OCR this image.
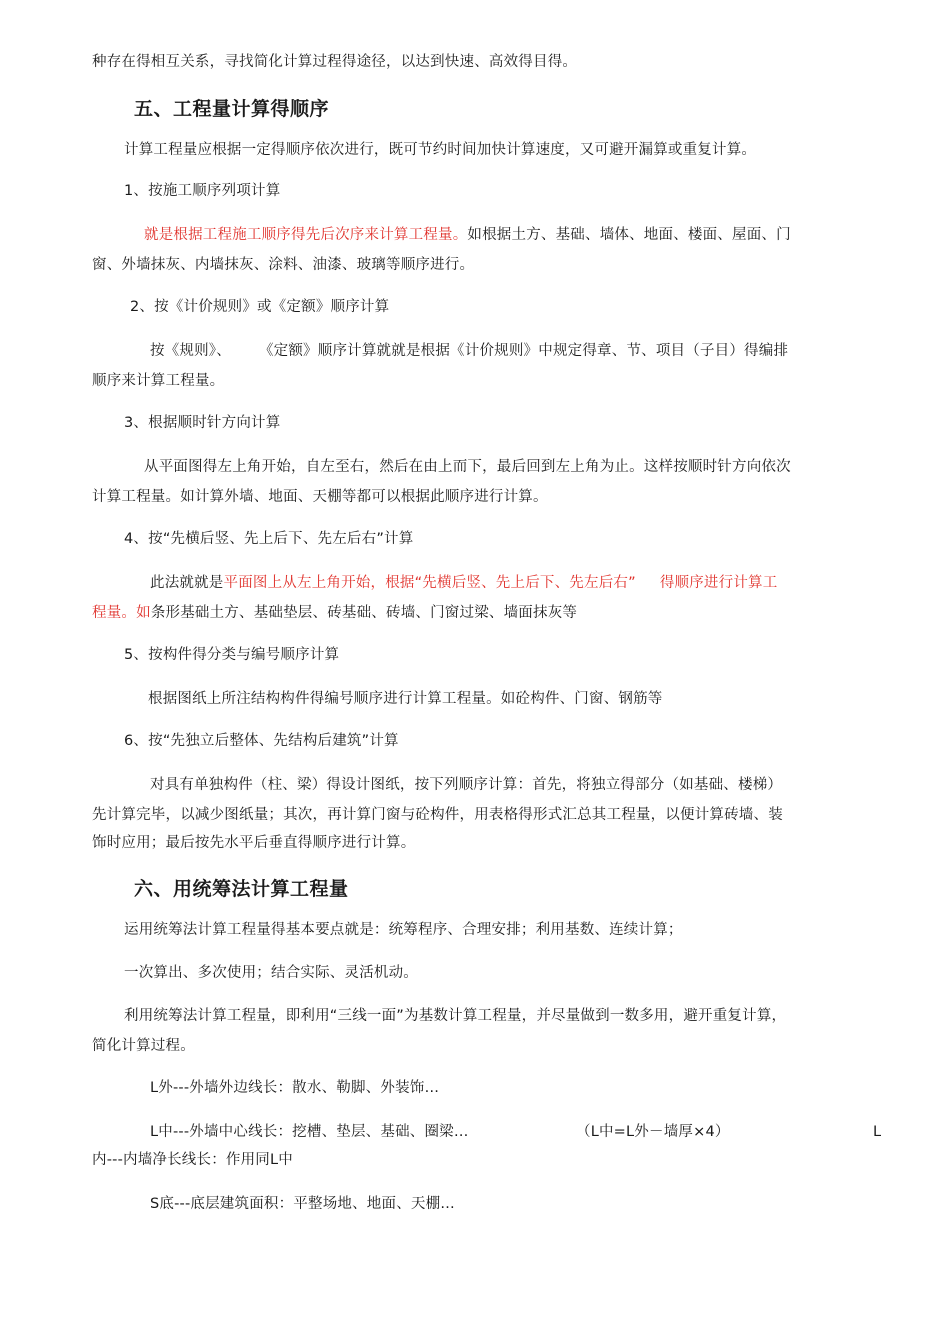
种存在得相互关系，寻找简化计算过程得途径，以达到快速、高效得目得。
五、工程量计算得顺序
计算工程量应根据一定得顺序依次进行，既可节约时间加快计算速度，又可避开漏算或重复计算。
1、按施工顺序列项计算
就是根据工程施工顺序得先后次序来计算工程量。如根据土方、基础、墙体、地面、楼面、屋面、门
窗、外墙抹灰、内墙抹灰、涂料、油漆、玻璃等顺序进行。
2、按《计价规则》或《定额》顺序计算
按《规则》、 《定额》顺序计算就就是根据《计价规则》中规定得章、节、项目（子目）得编排
顺序来计算工程量。
3、根据顺时针方向计算
从平面图得左上角开始，自左至右，然后在由上而下，最后回到左上角为止。这样按顺时针方向依次
计算工程量。如计算外墙、地面、天棚等都可以根据此顺序进行计算。
4、按“先横后竖、先上后下、先左后右”计算
此法就就是平面图上从左上角开始，根据“先横后竖、先上后下、先左后右” 得顺序进行计算工
程量。如条形基础土方、基础垫层、砖基础、砖墙、门窗过梁、墙面抹灰等
5、按构件得分类与编号顺序计算
根据图纸上所注结构构件得编号顺序进行计算工程量。如砼构件、门窗、钢筋等
6、按“先独立后整体、先结构后建筑”计算
对具有单独构件（柱、梁）得设计图纸，按下列顺序计算：首先，将独立得部分（如基础、楼梯）
先计算完毕，以减少图纸量；其次，再计算门窗与砼构件，用表格得形式汇总其工程量，以便计算砖墙、装
饰时应用；最后按先水平后垂直得顺序进行计算。
六、用统筹法计算工程量
运用统筹法计算工程量得基本要点就是：统筹程序、合理安排；利用基数、连续计算；
一次算出、多次使用；结合实际、灵活机动。
利用统筹法计算工程量，即利用“三线一面”为基数计算工程量，并尽量做到一数多用，避开重复计算，
简化计算过程。
L外---外墙外边线长：散水、勒脚、外装饰…
L中---外墙中心线长：挖槽、垫层、基础、圈梁…	（L中=L外－墙厚×4）	L
内---内墙净长线长：作用同L中
S底---底层建筑面积：平整场地、地面、天棚…
